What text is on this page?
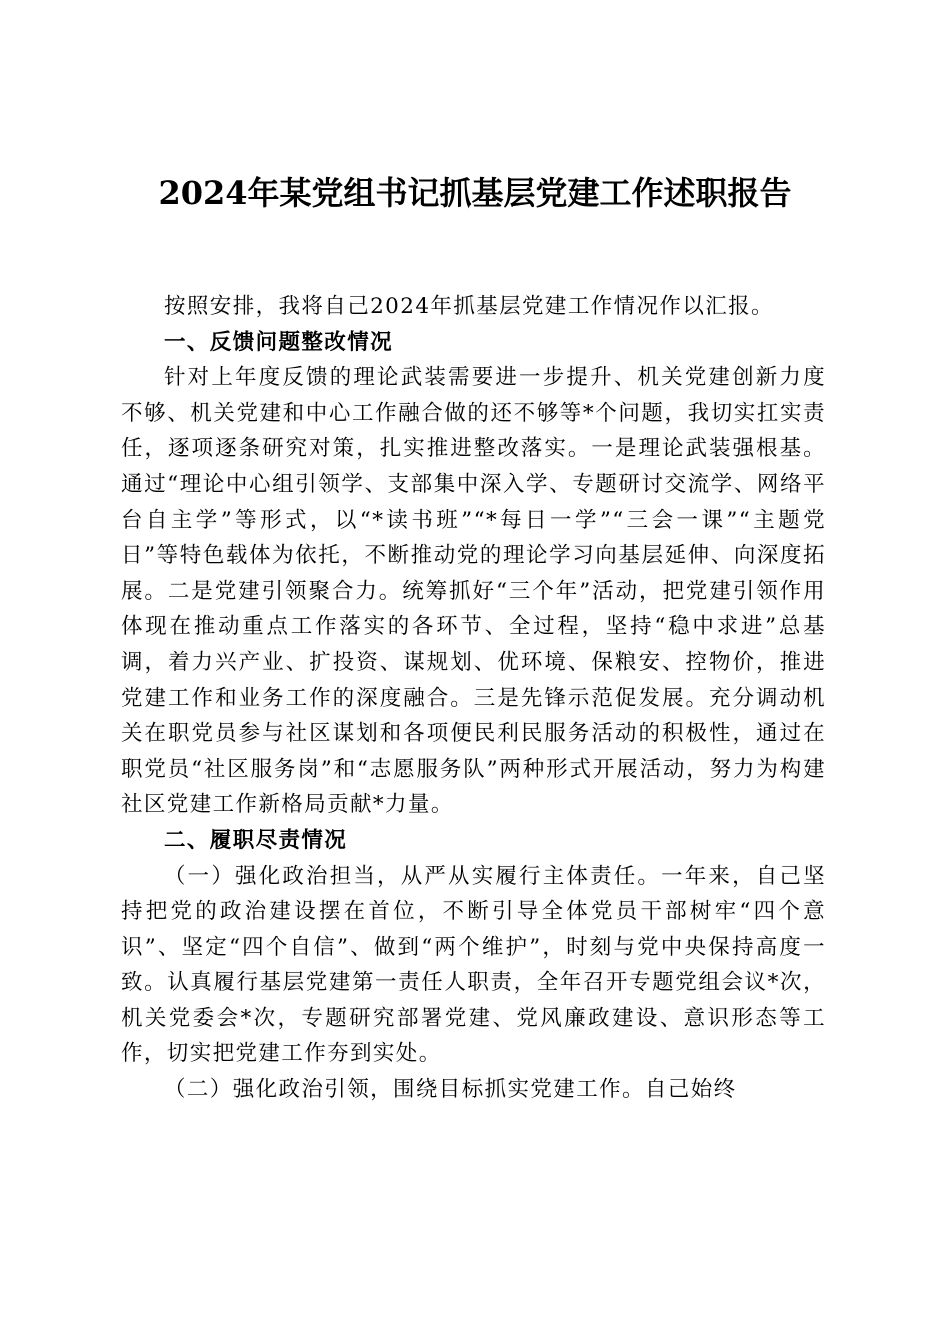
2024年某党组书记抓基层党建工作述职报告

按照安排，我将自己2024年抓基层党建工作情况作以汇报。

一、反馈问题整改情况

针对上年度反馈的理论武装需要进一步提升、机关党建创新力度不够、机关党建和中心工作融合做的还不够等*个问题，我切实扛实责任，逐项逐条研究对策，扎实推进整改落实。一是理论武装强根基。通过“理论中心组引领学、支部集中深入学、专题研讨交流学、网络平台自主学”等形式，以“*读书班”“*每日一学”“三会一课”“主题党日”等特色载体为依托，不断推动党的理论学习向基层延伸、向深度拓展。二是党建引领聚合力。统筹抓好“三个年”活动，把党建引领作用体现在推动重点工作落实的各环节、全过程，坚持“稳中求进”总基调，着力兴产业、扩投资、谋规划、优环境、保粮安、控物价，推进党建工作和业务工作的深度融合。三是先锋示范促发展。充分调动机关在职党员参与社区谋划和各项便民利民服务活动的积极性，通过在职党员“社区服务岗”和“志愿服务队”两种形式开展活动，努力为构建社区党建工作新格局贡献*力量。

二、履职尽责情况

（一）强化政治担当，从严从实履行主体责任。一年来，自己坚持把党的政治建设摆在首位，不断引导全体党员干部树牢“四个意识”、坚定“四个自信”、做到“两个维护”，时刻与党中央保持高度一致。认真履行基层党建第一责任人职责，全年召开专题党组会议*次，机关党委会*次，专题研究部署党建、党风廉政建设、意识形态等工作，切实把党建工作夯到实处。

（二）强化政治引领，围绕目标抓实党建工作。自己始终
